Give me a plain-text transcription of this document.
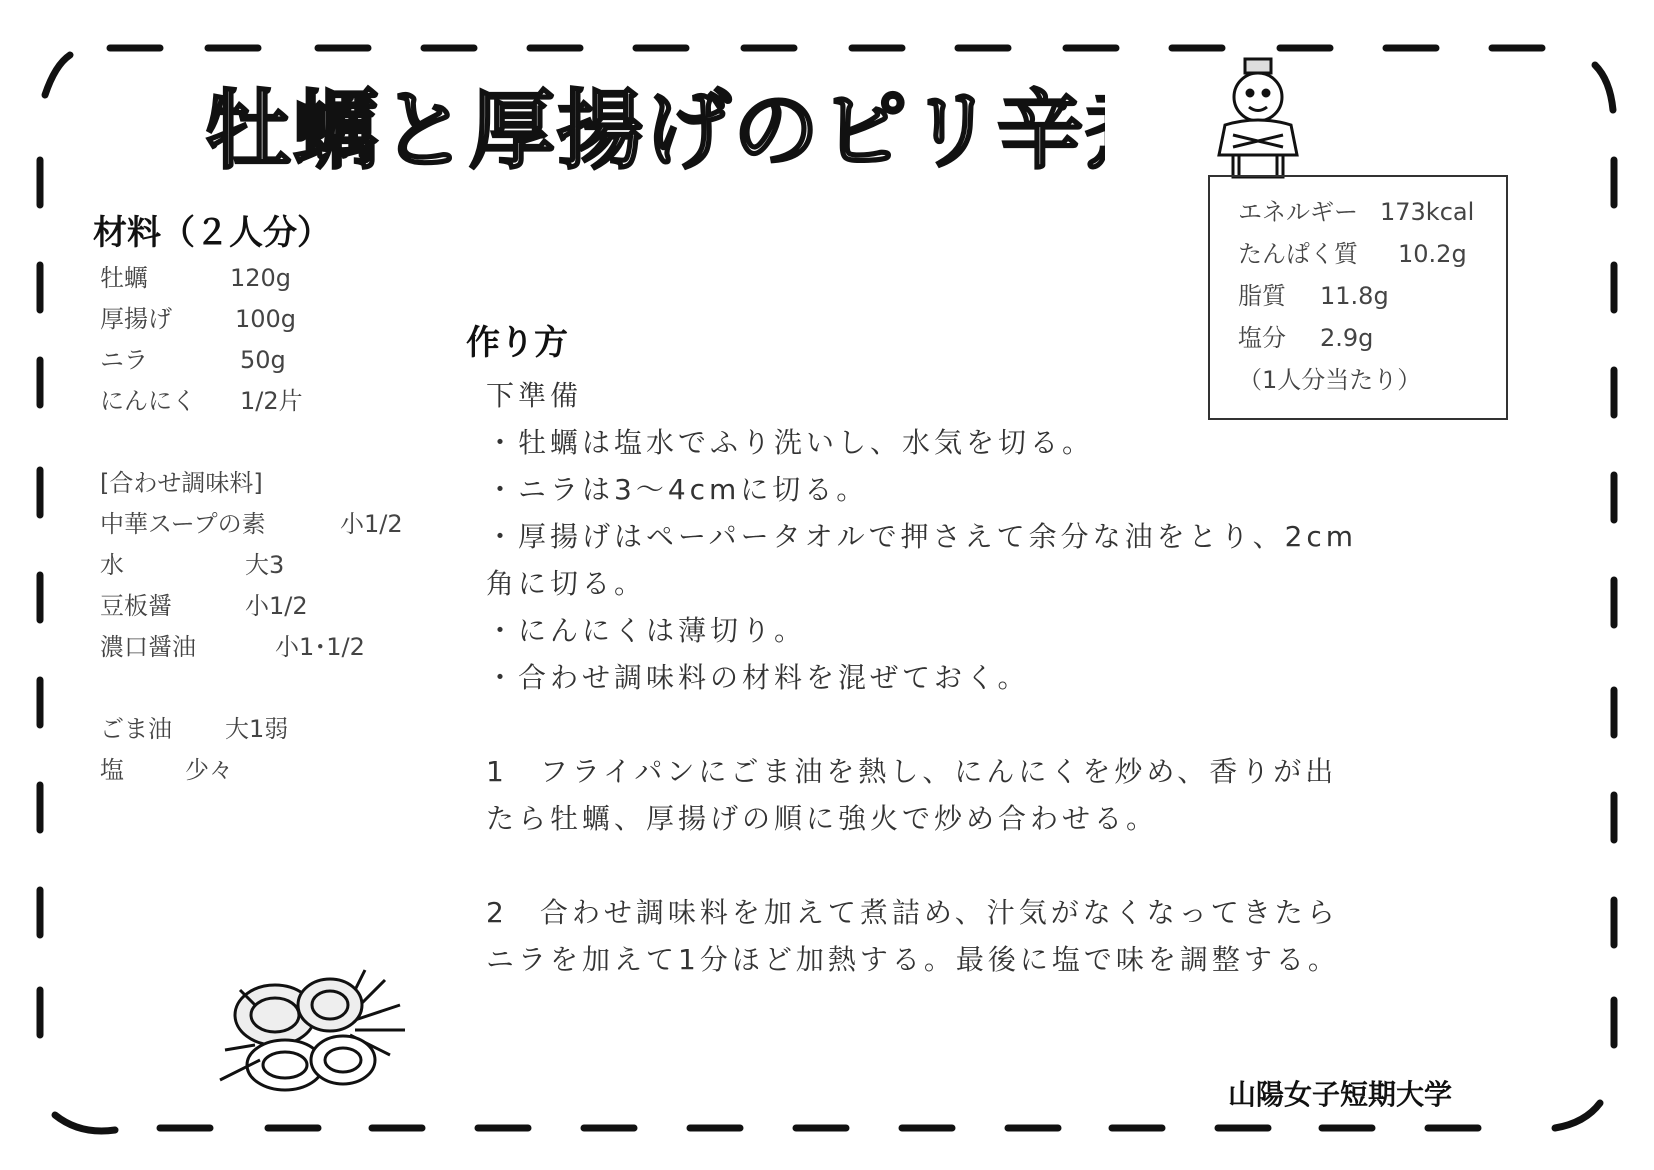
牡蠣と厚揚げのピリ辛煮
エネルギー 173kcal
たんぱく質 10.2g
脂質 11.8g
塩分 2.9g
（1人分当たり）
材料（２人分）
牡蠣	120g
厚揚げ	100g
ニラ	50g
にんにく 1/2片
[合わせ調味料]
中華スープの素	小1/2
水	大3
豆板醤	小1/2
濃口醤油	小1･1/2
ごま油 大1弱
塩	少々
作り方
下準備
・牡蠣は塩水でふり洗いし、水気を切る。
・ニラは3〜4cmに切る。
・厚揚げはペーパータオルで押さえて余分な油をとり、2cm
角に切る。
・にんにくは薄切り。
・合わせ調味料の材料を混ぜておく。
1　フライパンにごま油を熱し、にんにくを炒め、香りが出
たら牡蠣、厚揚げの順に強火で炒め合わせる。
2　合わせ調味料を加えて煮詰め、汁気がなくなってきたら
ニラを加えて1分ほど加熱する。最後に塩で味を調整する。
山陽女子短期大学
